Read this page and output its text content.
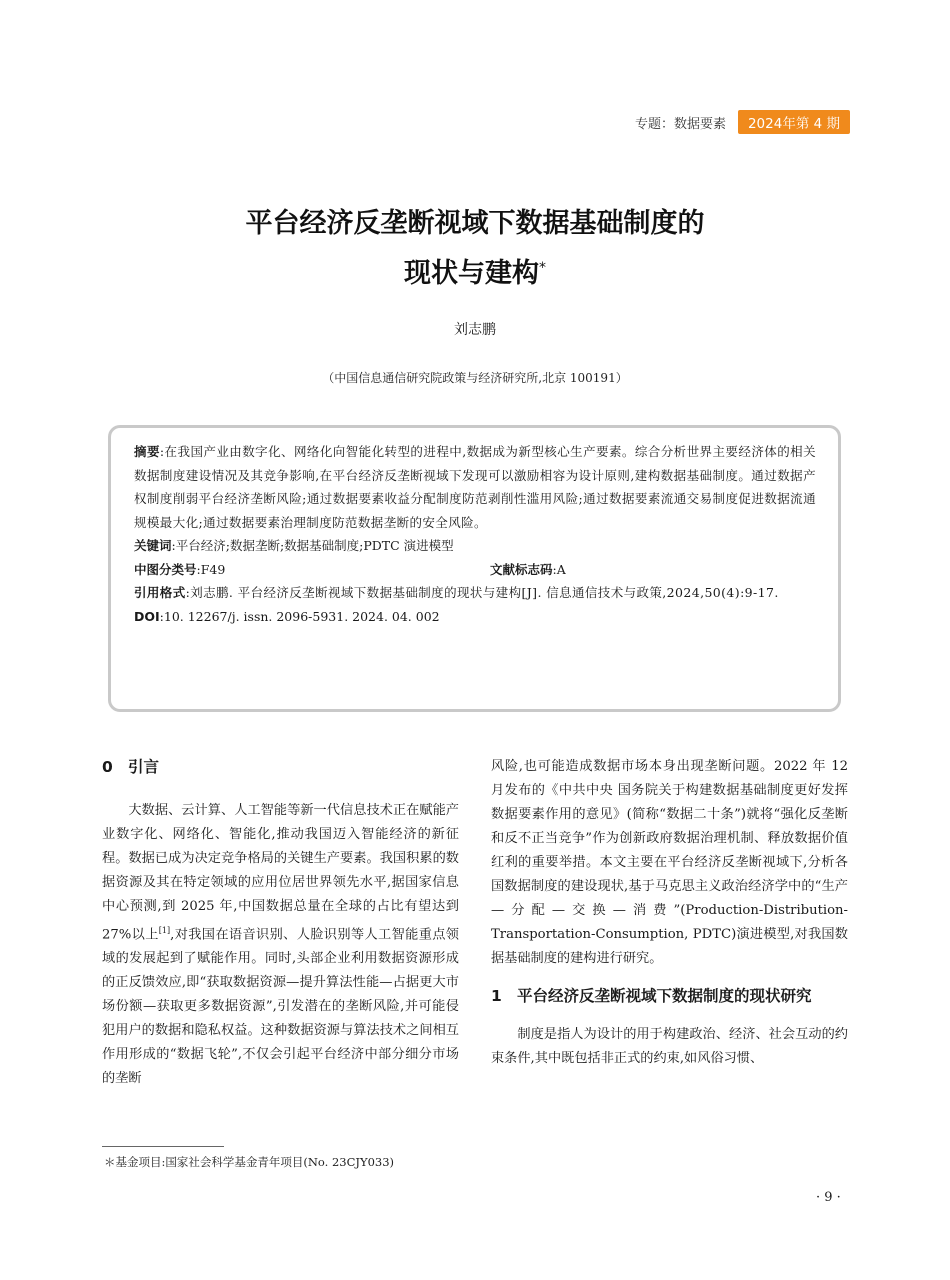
专题：数据要素	2024年第 4 期
平台经济反垄断视域下数据基础制度的
现状与建构*
刘志鹏
（中国信息通信研究院政策与经济研究所,北京 100191）

摘要:在我国产业由数字化、网络化向智能化转型的进程中,数据成为新型核心生产要素。综合分析世界主要经济体的相关数据制度建设情况及其竞争影响,在平台经济反垄断视域下发现可以激励相容为设计原则,建构数据基础制度。通过数据产权制度削弱平台经济垄断风险;通过数据要素收益分配制度防范剥削性滥用风险;通过数据要素流通交易制度促进数据流通规模最大化;通过数据要素治理制度防范数据垄断的安全风险。

关键词:平台经济;数据垄断;数据基础制度;PDTC 演进模型

中图分类号:F49	文献标志码:A

引用格式:刘志鹏. 平台经济反垄断视域下数据基础制度的现状与建构[J]. 信息通信技术与政策,2024,50(4):9-17.

DOI:10. 12267/j. issn. 2096-5931. 2024. 04. 002

0 引言

大数据、云计算、人工智能等新一代信息技术正在赋能产业数字化、网络化、智能化,推动我国迈入智能经济的新征程。数据已成为决定竞争格局的关键生产要素。我国积累的数据资源及其在特定领域的应用位居世界领先水平,据国家信息中心预测,到 2025 年,中国数据总量在全球的占比有望达到 27%以上[1],对我国在语音识别、人脸识别等人工智能重点领域的发展起到了赋能作用。同时,头部企业利用数据资源形成的正反馈效应,即“获取数据资源—提升算法性能—占据更大市场份额—获取更多数据资源”,引发潜在的垄断风险,并可能侵犯用户的数据和隐私权益。这种数据资源与算法技术之间相互作用形成的“数据飞轮”,不仅会引起平台经济中部分细分市场的垄断

风险,也可能造成数据市场本身出现垄断问题。2022 年 12 月发布的《中共中央 国务院关于构建数据基础制度更好发挥数据要素作用的意见》(简称“数据二十条”)就将“强化反垄断和反不正当竞争”作为创新政府数据治理机制、释放数据价值红利的重要举措。本文主要在平台经济反垄断视域下,分析各国数据制度的建设现状,基于马克思主义政治经济学中的“生产—分配—交换—消费”(Production-Distribution-Transportation-Consumption, PDTC)演进模型,对我国数据基础制度的建构进行研究。

1 平台经济反垄断视域下数据制度的现状研究

制度是指人为设计的用于构建政治、经济、社会互动的约束条件,其中既包括非正式的约束,如风俗习惯、

＊基金项目:国家社会科学基金青年项目(No. 23CJY033)
· 9 ·
